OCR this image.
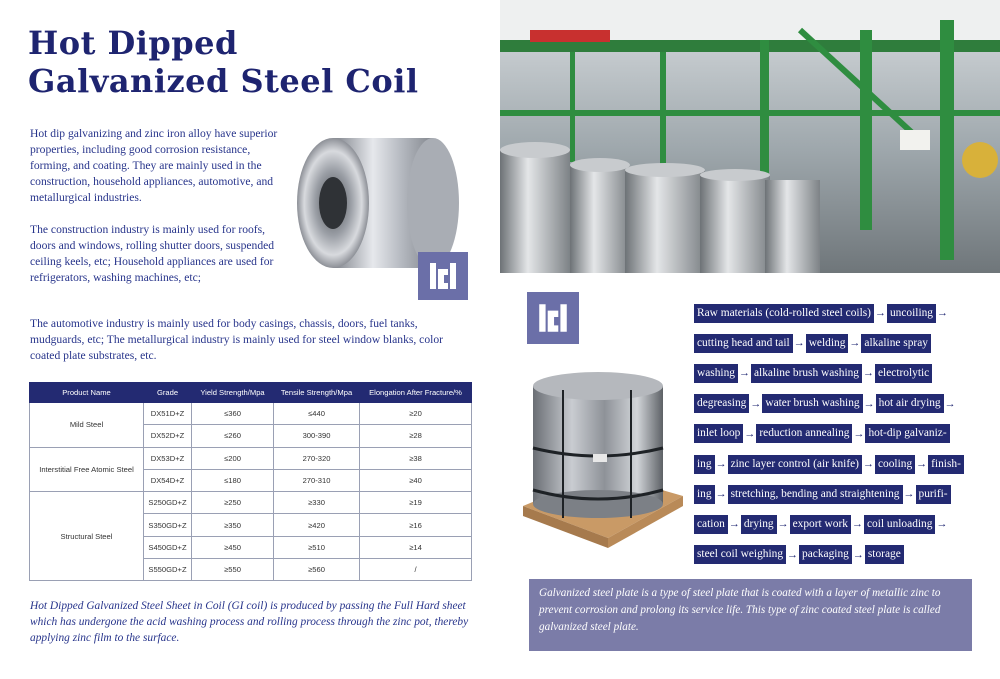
Hot Dipped
Galvanized Steel Coil

Hot dip galvanizing and zinc iron alloy have superior properties, including good corrosion resistance, forming, and coating. They are mainly used in the construction, household appliances, automotive, and metallurgical industries.

The construction industry is mainly used for roofs, doors and windows, rolling shutter doors, suspended ceiling keels, etc; Household appliances are used for refrigerators, washing machines, etc;

The automotive industry is mainly used for body casings, chassis, doors, fuel tanks, mudguards, etc; The metallurgical industry is mainly used for steel window blanks, color coated plate substrates, etc.

Product Name	Grade	Yield Strength/Mpa	Tensile Strength/Mpa	Elongation After Fracture/%
Mild Steel	DX51D+Z	≤360	≤440	≥20
	DX52D+Z	≤260	300-390	≥28
Interstitial Free Atomic Steel	DX53D+Z	≤200	270-320	≥38
	DX54D+Z	≤180	270-310	≥40
Structural Steel	S250GD+Z	≥250	≥330	≥19
	S350GD+Z	≥350	≥420	≥16
	S450GD+Z	≥450	≥510	≥14
	S550GD+Z	≥550	≥560	/

Hot Dipped Galvanized Steel Sheet in Coil (GI coil) is produced by passing the Full Hard sheet which has undergone the acid washing process and rolling process through the zinc pot, thereby applying zinc film to the surface.

Raw materials (cold-rolled steel coils) → uncoiling →
cutting head and tail → welding → alkaline spray
washing → alkaline brush washing → electrolytic
degreasing → water brush washing → hot air drying →
inlet loop → reduction annealing → hot-dip galvaniz-
ing → zinc layer control (air knife) → cooling → finish-
ing → stretching, bending and straightening → purifi-
cation → drying → export work → coil unloading →
steel coil weighing → packaging → storage

Galvanized steel plate is a type of steel plate that is coated with a layer of metallic zinc to prevent corrosion and prolong its service life. This type of zinc coated steel plate is called galvanized steel plate.
